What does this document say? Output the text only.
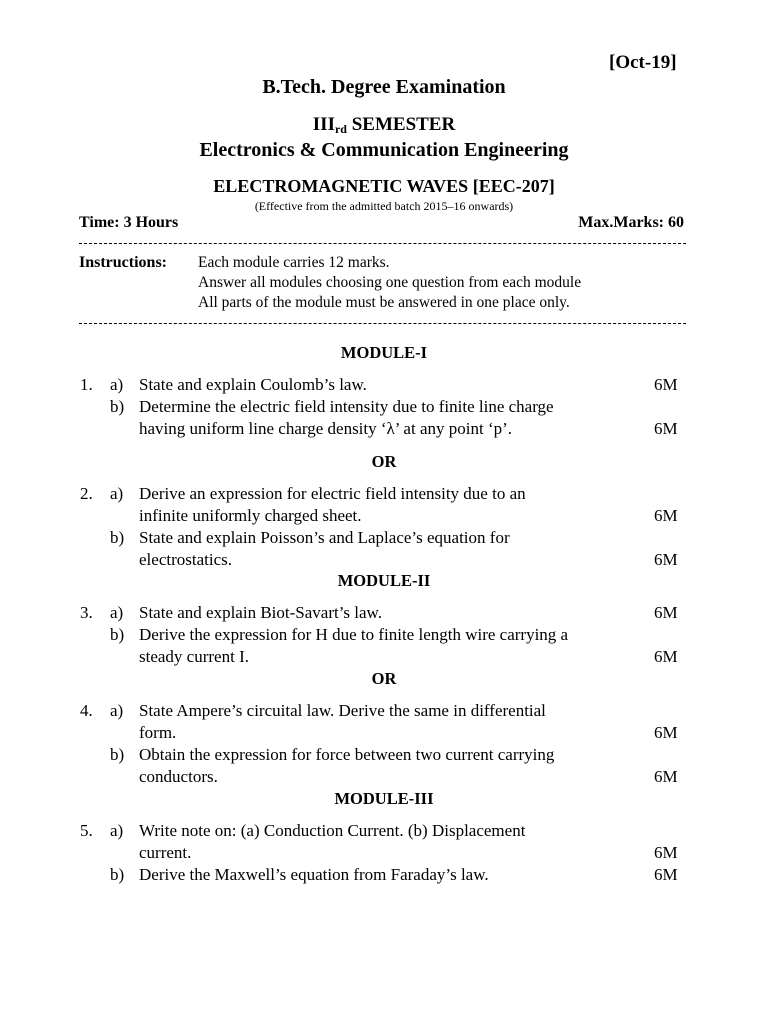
[Oct-19]
B.Tech. Degree Examination
$III_{rd}$ SEMESTER
Electronics & Communication Engineering
ELECTROMAGNETIC WAVES [EEC-207]
(Effective from the admitted batch 2015–16 onwards)
Time: 3 Hours	Max.Marks: 60
Instructions: Each module carries 12 marks.
Answer all modules choosing one question from each module
All parts of the module must be answered in one place only.
MODULE-I
1. a) State and explain Coulomb’s law.	6M
b) Determine the electric field intensity due to finite line charge
having uniform line charge density ‘λ’ at any point ‘p’.	6M
OR
2. a) Derive an expression for electric field intensity due to an
infinite uniformly charged sheet.	6M
b) State and explain Poisson’s and Laplace’s equation for
electrostatics.	6M
MODULE-II
3. a) State and explain Biot-Savart’s law.	6M
b) Derive the expression for H due to finite length wire carrying a
steady current I.	6M
OR
4. a) State Ampere’s circuital law. Derive the same in differential
form.	6M
b) Obtain the expression for force between two current carrying
conductors.	6M
MODULE-III
5. a) Write note on: (a) Conduction Current. (b) Displacement
current.	6M
b) Derive the Maxwell’s equation from Faraday’s law.	6M
